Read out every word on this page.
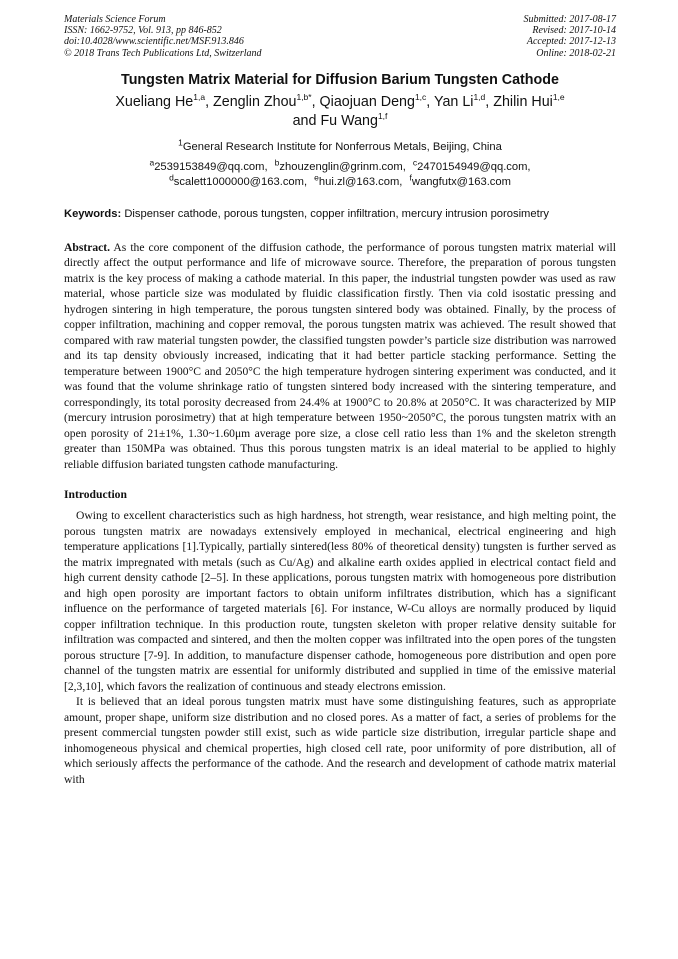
Materials Science Forum
ISSN: 1662-9752, Vol. 913, pp 846-852
doi:10.4028/www.scientific.net/MSF.913.846
© 2018 Trans Tech Publications Ltd, Switzerland
Submitted: 2017-08-17
Revised: 2017-10-14
Accepted: 2017-12-13
Online: 2018-02-21
Tungsten Matrix Material for Diffusion Barium Tungsten Cathode
Xueliang He$^{1,a}$, Zenglin Zhou$^{1,b*}$, Qiaojuan Deng$^{1,c}$, Yan Li$^{1,d}$, Zhilin Hui$^{1,e}$
and Fu Wang$^{1,f}$
$^1$General Research Institute for Nonferrous Metals, Beijing, China
$^a$2539153849@qq.com, $^b$zhouzenglin@grinm.com, $^c$2470154949@qq.com,
$^d$scalett1000000@163.com, $^e$hui.zl@163.com, $^f$wangfutx@163.com
Keywords: Dispenser cathode, porous tungsten, copper infiltration, mercury intrusion porosimetry
Abstract. As the core component of the diffusion cathode, the performance of porous tungsten matrix material will directly affect the output performance and life of microwave source. Therefore, the preparation of porous tungsten matrix is the key process of making a cathode material. In this paper, the industrial tungsten powder was used as raw material, whose particle size was modulated by fluidic classification firstly. Then via cold isostatic pressing and hydrogen sintering in high temperature, the porous tungsten sintered body was obtained. Finally, by the process of copper infiltration, machining and copper removal, the porous tungsten matrix was achieved. The result showed that compared with raw material tungsten powder, the classified tungsten powder’s particle size distribution was narrowed and its tap density obviously increased, indicating that it had better particle stacking performance. Setting the temperature between 1900°C and 2050°C the high temperature hydrogen sintering experiment was conducted, and it was found that the volume shrinkage ratio of tungsten sintered body increased with the sintering temperature, and correspondingly, its total porosity decreased from 24.4% at 1900°C to 20.8% at 2050°C. It was characterized by MIP (mercury intrusion porosimetry) that at high temperature between 1950~2050°C, the porous tungsten matrix with an open porosity of 21±1%, 1.30~1.60μm average pore size, a close cell ratio less than 1% and the skeleton strength greater than 150MPa was obtained. Thus this porous tungsten matrix is an ideal material to be applied to highly reliable diffusion bariated tungsten cathode manufacturing.
Introduction
Owing to excellent characteristics such as high hardness, hot strength, wear resistance, and high melting point, the porous tungsten matrix are nowadays extensively employed in mechanical, electrical engineering and high temperature applications [1].Typically, partially sintered(less 80% of theoretical density) tungsten is further served as the matrix impregnated with metals (such as Cu/Ag) and alkaline earth oxides applied in electrical contact field and high current density cathode [2–5]. In these applications, porous tungsten matrix with homogeneous pore distribution and high open porosity are important factors to obtain uniform infiltrates distribution, which has a significant influence on the performance of targeted materials [6]. For instance, W-Cu alloys are normally produced by liquid copper infiltration technique. In this production route, tungsten skeleton with proper relative density suitable for infiltration was compacted and sintered, and then the molten copper was infiltrated into the open pores of the tungsten porous structure [7-9]. In addition, to manufacture dispenser cathode, homogeneous pore distribution and open pore channel of the tungsten matrix are essential for uniformly distributed and supplied in time of the emissive material [2,3,10], which favors the realization of continuous and steady electrons emission.
It is believed that an ideal porous tungsten matrix must have some distinguishing features, such as appropriate amount, proper shape, uniform size distribution and no closed pores. As a matter of fact, a series of problems for the present commercial tungsten powder still exist, such as wide particle size distribution, irregular particle shape and inhomogeneous physical and chemical properties, high closed cell rate, poor uniformity of pore distribution, all of which seriously affects the performance of the cathode. And the research and development of cathode matrix material with
